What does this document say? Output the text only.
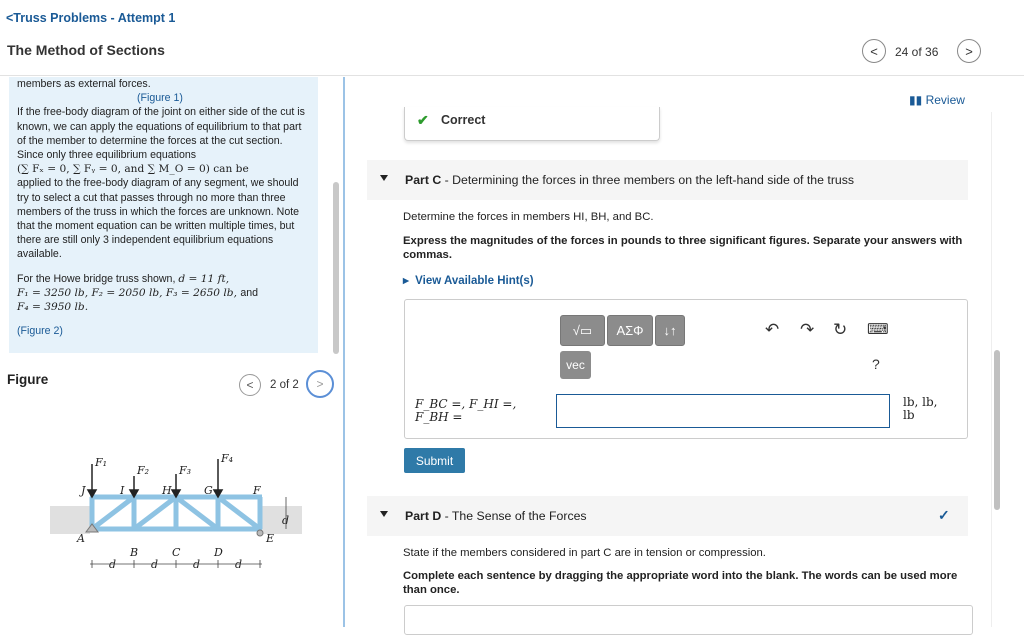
<Truss Problems - Attempt 1
The Method of Sections	< 24 of 36 >

members as external forces.

(Figure 1)

If the free-body diagram of the joint on either side of the cut is known, we can apply the equations of equilibrium to that part of the member to determine the forces at the cut section. Since only three equilibrium equations

(∑ Fₓ = 0, ∑ Fᵧ = 0, and ∑ M_O = 0) can be

applied to the free-body diagram of any segment, we should try to select a cut that passes through no more than three members of the truss in which the forces are unknown. Note that the moment equation can be written multiple times, but there are still only 3 independent equilibrium equations available.

For the Howe bridge truss shown, d = 11 ft,

F₁ = 3250 lb, F₂ = 2050 lb, F₃ = 2650 lb, and

F₄ = 3950 lb.

(Figure 2)

Figure	< 2 of 2 >
F₁
F₂	F₃
F₄
J	I	H	G	F
A
B	C	D
E
d
d	d	d	d
▮▮ Review
✔ Correct
Part C - Determining the forces in three members on the left-hand side of the truss
Determine the forces in members HI, BH, and BC.
Express the magnitudes of the forces in pounds to three significant figures. Separate your answers with commas.
▸ View Available Hint(s)
√▭ ΑΣΦ ↓↑
vec
↶ ↷ ↻ ⌨
?
F_BC =, F_HI =,
F_BH =
lb, lb,
lb
Submit
Part D - The Sense of the Forces	✓
State if the members considered in part C are in tension or compression.
Complete each sentence by dragging the appropriate word into the blank. The words can be used more than once.
